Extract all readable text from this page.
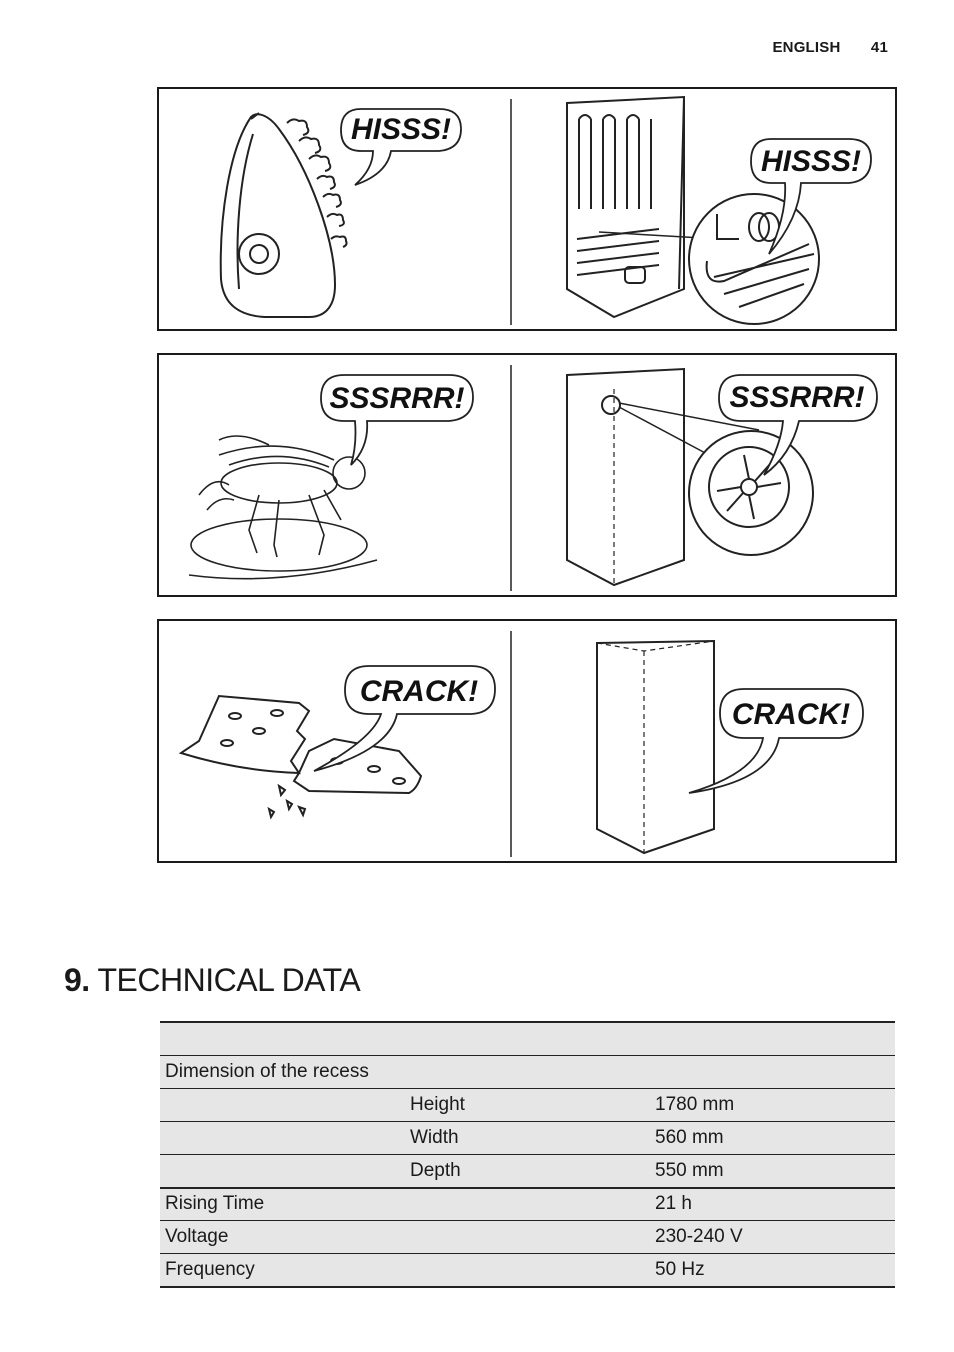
ENGLISH 41
HISSS!
HISSS!
SSSRRR!	SSSRRR!
CRACK!
CRACK!
9. TECHNICAL DATA

Dimension of the recess		
	Height	1780 mm
	Width	560 mm
	Depth	550 mm
Rising Time		21 h
Voltage		230-240 V
Frequency		50 Hz
